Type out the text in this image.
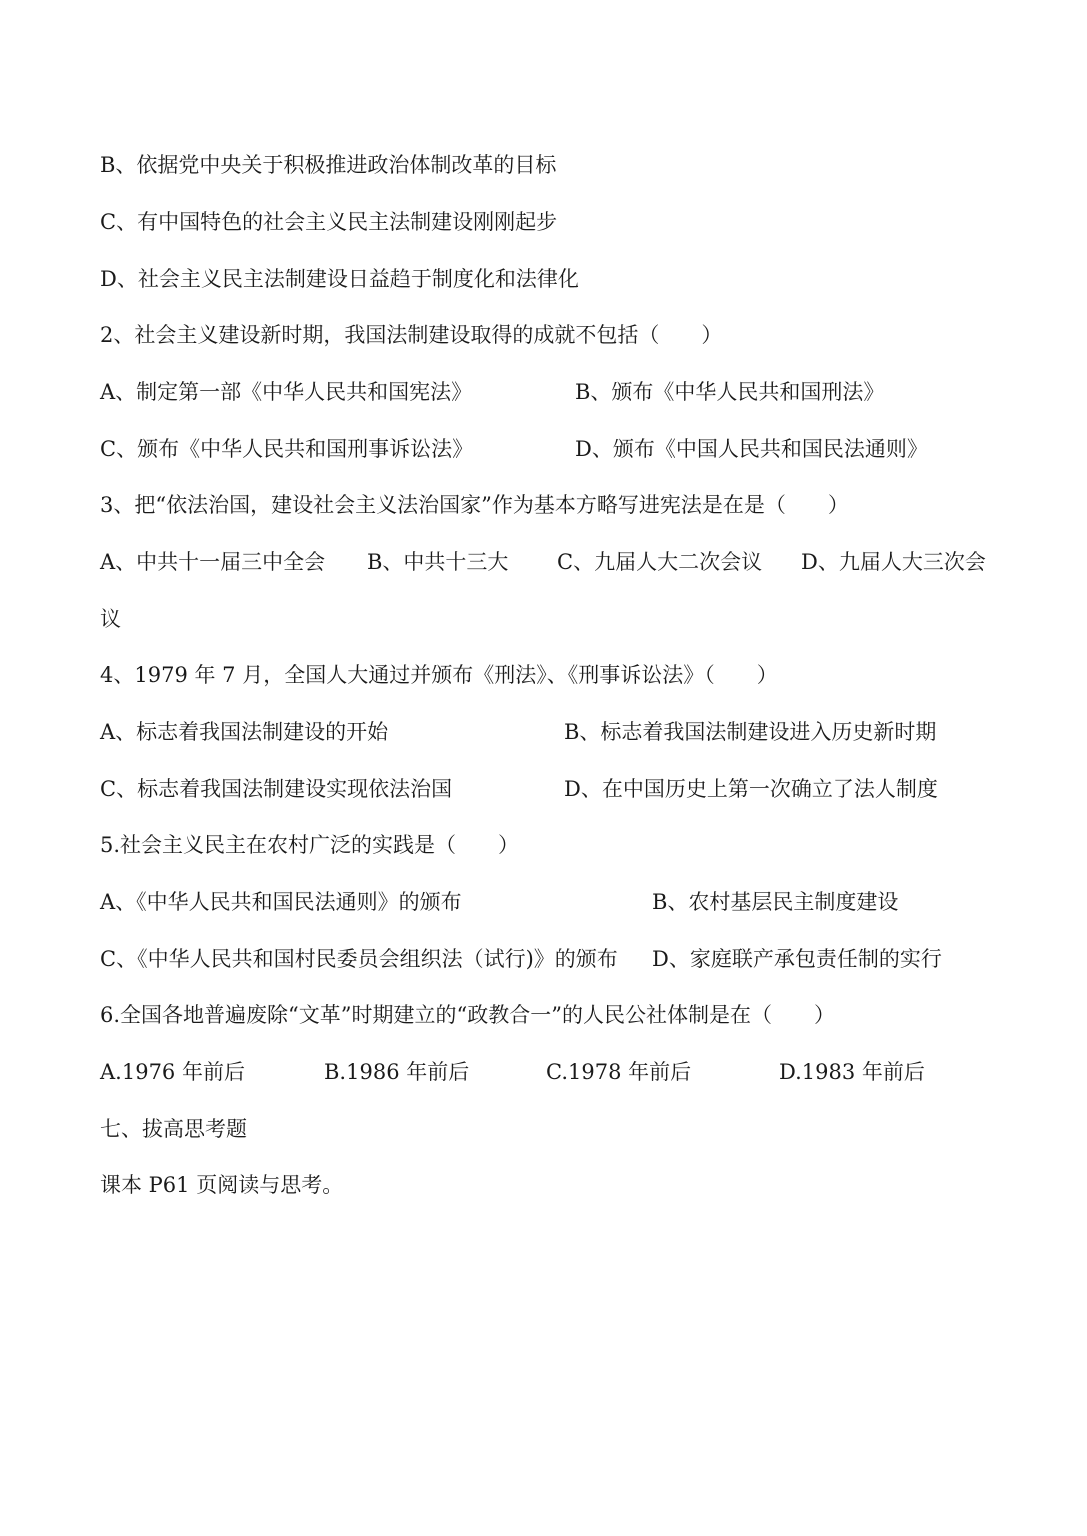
B、依据党中央关于积极推进政治体制改革的目标
C、有中国特色的社会主义民主法制建设刚刚起步
D、社会主义民主法制建设日益趋于制度化和法律化
2、社会主义建设新时期，我国法制建设取得的成就不包括（　　）
A、制定第一部《中华人民共和国宪法》	B、颁布《中华人民共和国刑法》
C、颁布《中华人民共和国刑事诉讼法》	D、颁布《中国人民共和国民法通则》
3、把“依法治国，建设社会主义法治国家”作为基本方略写进宪法是在是（　　）
A、中共十一届三中全会 B、中共十三大 C、九届人大二次会议 D、九届人大三次会
议
4、1979 年 7 月，全国人大通过并颁布《刑法》、《刑事诉讼法》（　　）
A、标志着我国法制建设的开始	B、标志着我国法制建设进入历史新时期
C、标志着我国法制建设实现依法治国	D、在中国历史上第一次确立了法人制度
5.社会主义民主在农村广泛的实践是（　　）
A、《中华人民共和国民法通则》的颁布	B、农村基层民主制度建设
C、《中华人民共和国村民委员会组织法（试行)》的颁布 D、家庭联产承包责任制的实行
6.全国各地普遍废除“文革”时期建立的“政教合一”的人民公社体制是在（　　）
A.1976 年前后	B.1986 年前后	C.1978 年前后	D.1983 年前后
七、拔高思考题
课本 P61 页阅读与思考。
